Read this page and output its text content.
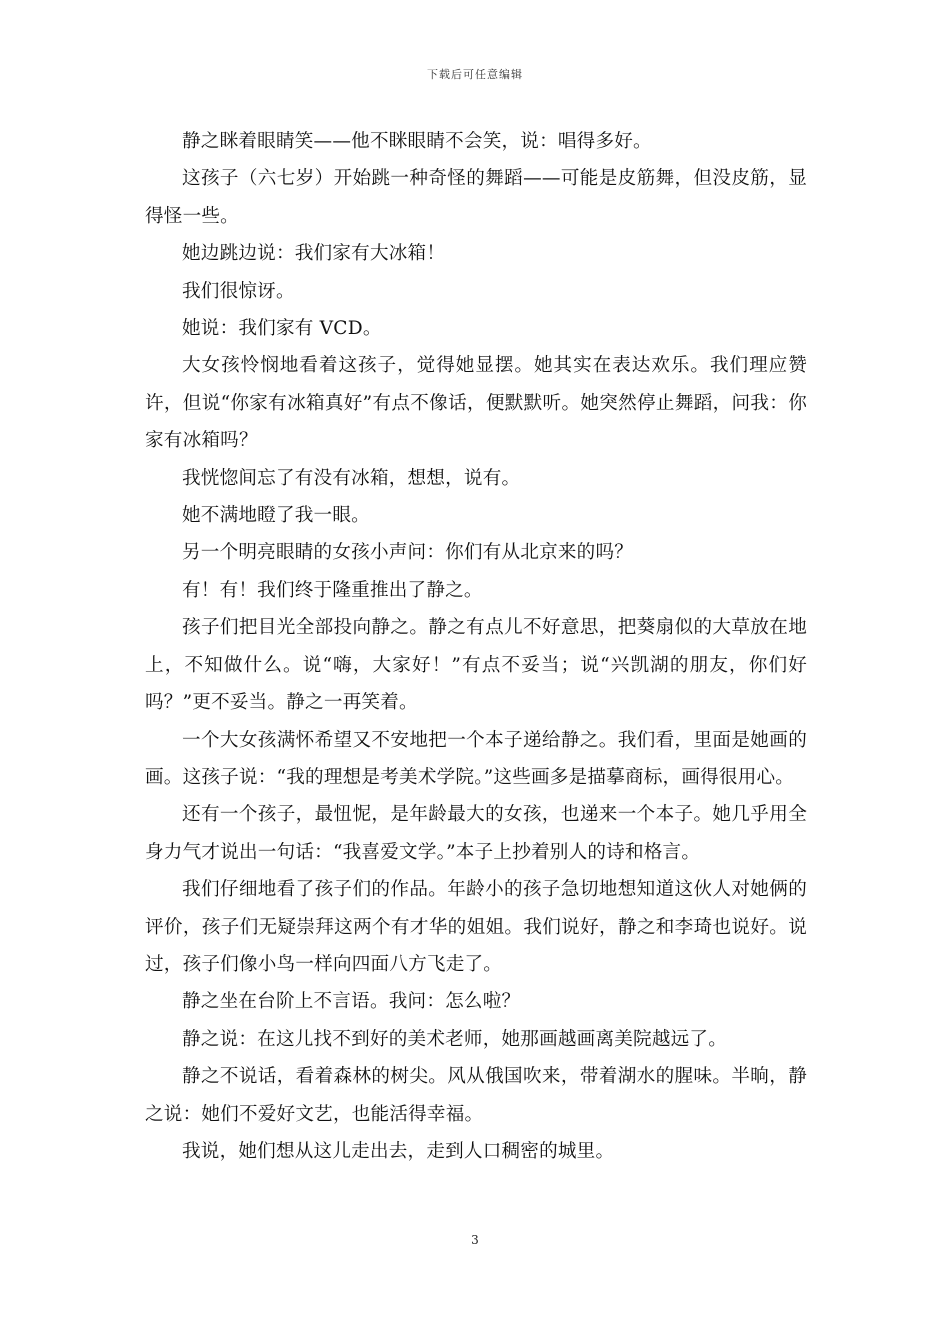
下载后可任意编辑

静之眯着眼睛笑——他不眯眼睛不会笑，说：唱得多好。

这孩子（六七岁）开始跳一种奇怪的舞蹈——可能是皮筋舞，但没皮筋，显得怪一些。

她边跳边说：我们家有大冰箱！

我们很惊讶。

她说：我们家有 VCD。

大女孩怜悯地看着这孩子，觉得她显摆。她其实在表达欢乐。我们理应赞许，但说“你家有冰箱真好”有点不像话，便默默听。她突然停止舞蹈，问我：你家有冰箱吗？

我恍惚间忘了有没有冰箱，想想，说有。

她不满地瞪了我一眼。

另一个明亮眼睛的女孩小声问：你们有从北京来的吗？

有！有！我们终于隆重推出了静之。

孩子们把目光全部投向静之。静之有点儿不好意思，把葵扇似的大草放在地上，不知做什么。说“嗨，大家好！”有点不妥当；说“兴凯湖的朋友，你们好吗？”更不妥当。静之一再笑着。

一个大女孩满怀希望又不安地把一个本子递给静之。我们看，里面是她画的画。这孩子说：“我的理想是考美术学院。”这些画多是描摹商标，画得很用心。

还有一个孩子，最忸怩，是年龄最大的女孩，也递来一个本子。她几乎用全身力气才说出一句话：“我喜爱文学。”本子上抄着别人的诗和格言。

我们仔细地看了孩子们的作品。年龄小的孩子急切地想知道这伙人对她俩的评价，孩子们无疑崇拜这两个有才华的姐姐。我们说好，静之和李琦也说好。说过，孩子们像小鸟一样向四面八方飞走了。

静之坐在台阶上不言语。我问：怎么啦？

静之说：在这儿找不到好的美术老师，她那画越画离美院越远了。

静之不说话，看着森林的树尖。风从俄国吹来，带着湖水的腥味。半晌，静之说：她们不爱好文艺，也能活得幸福。

我说，她们想从这儿走出去，走到人口稠密的城里。

3
